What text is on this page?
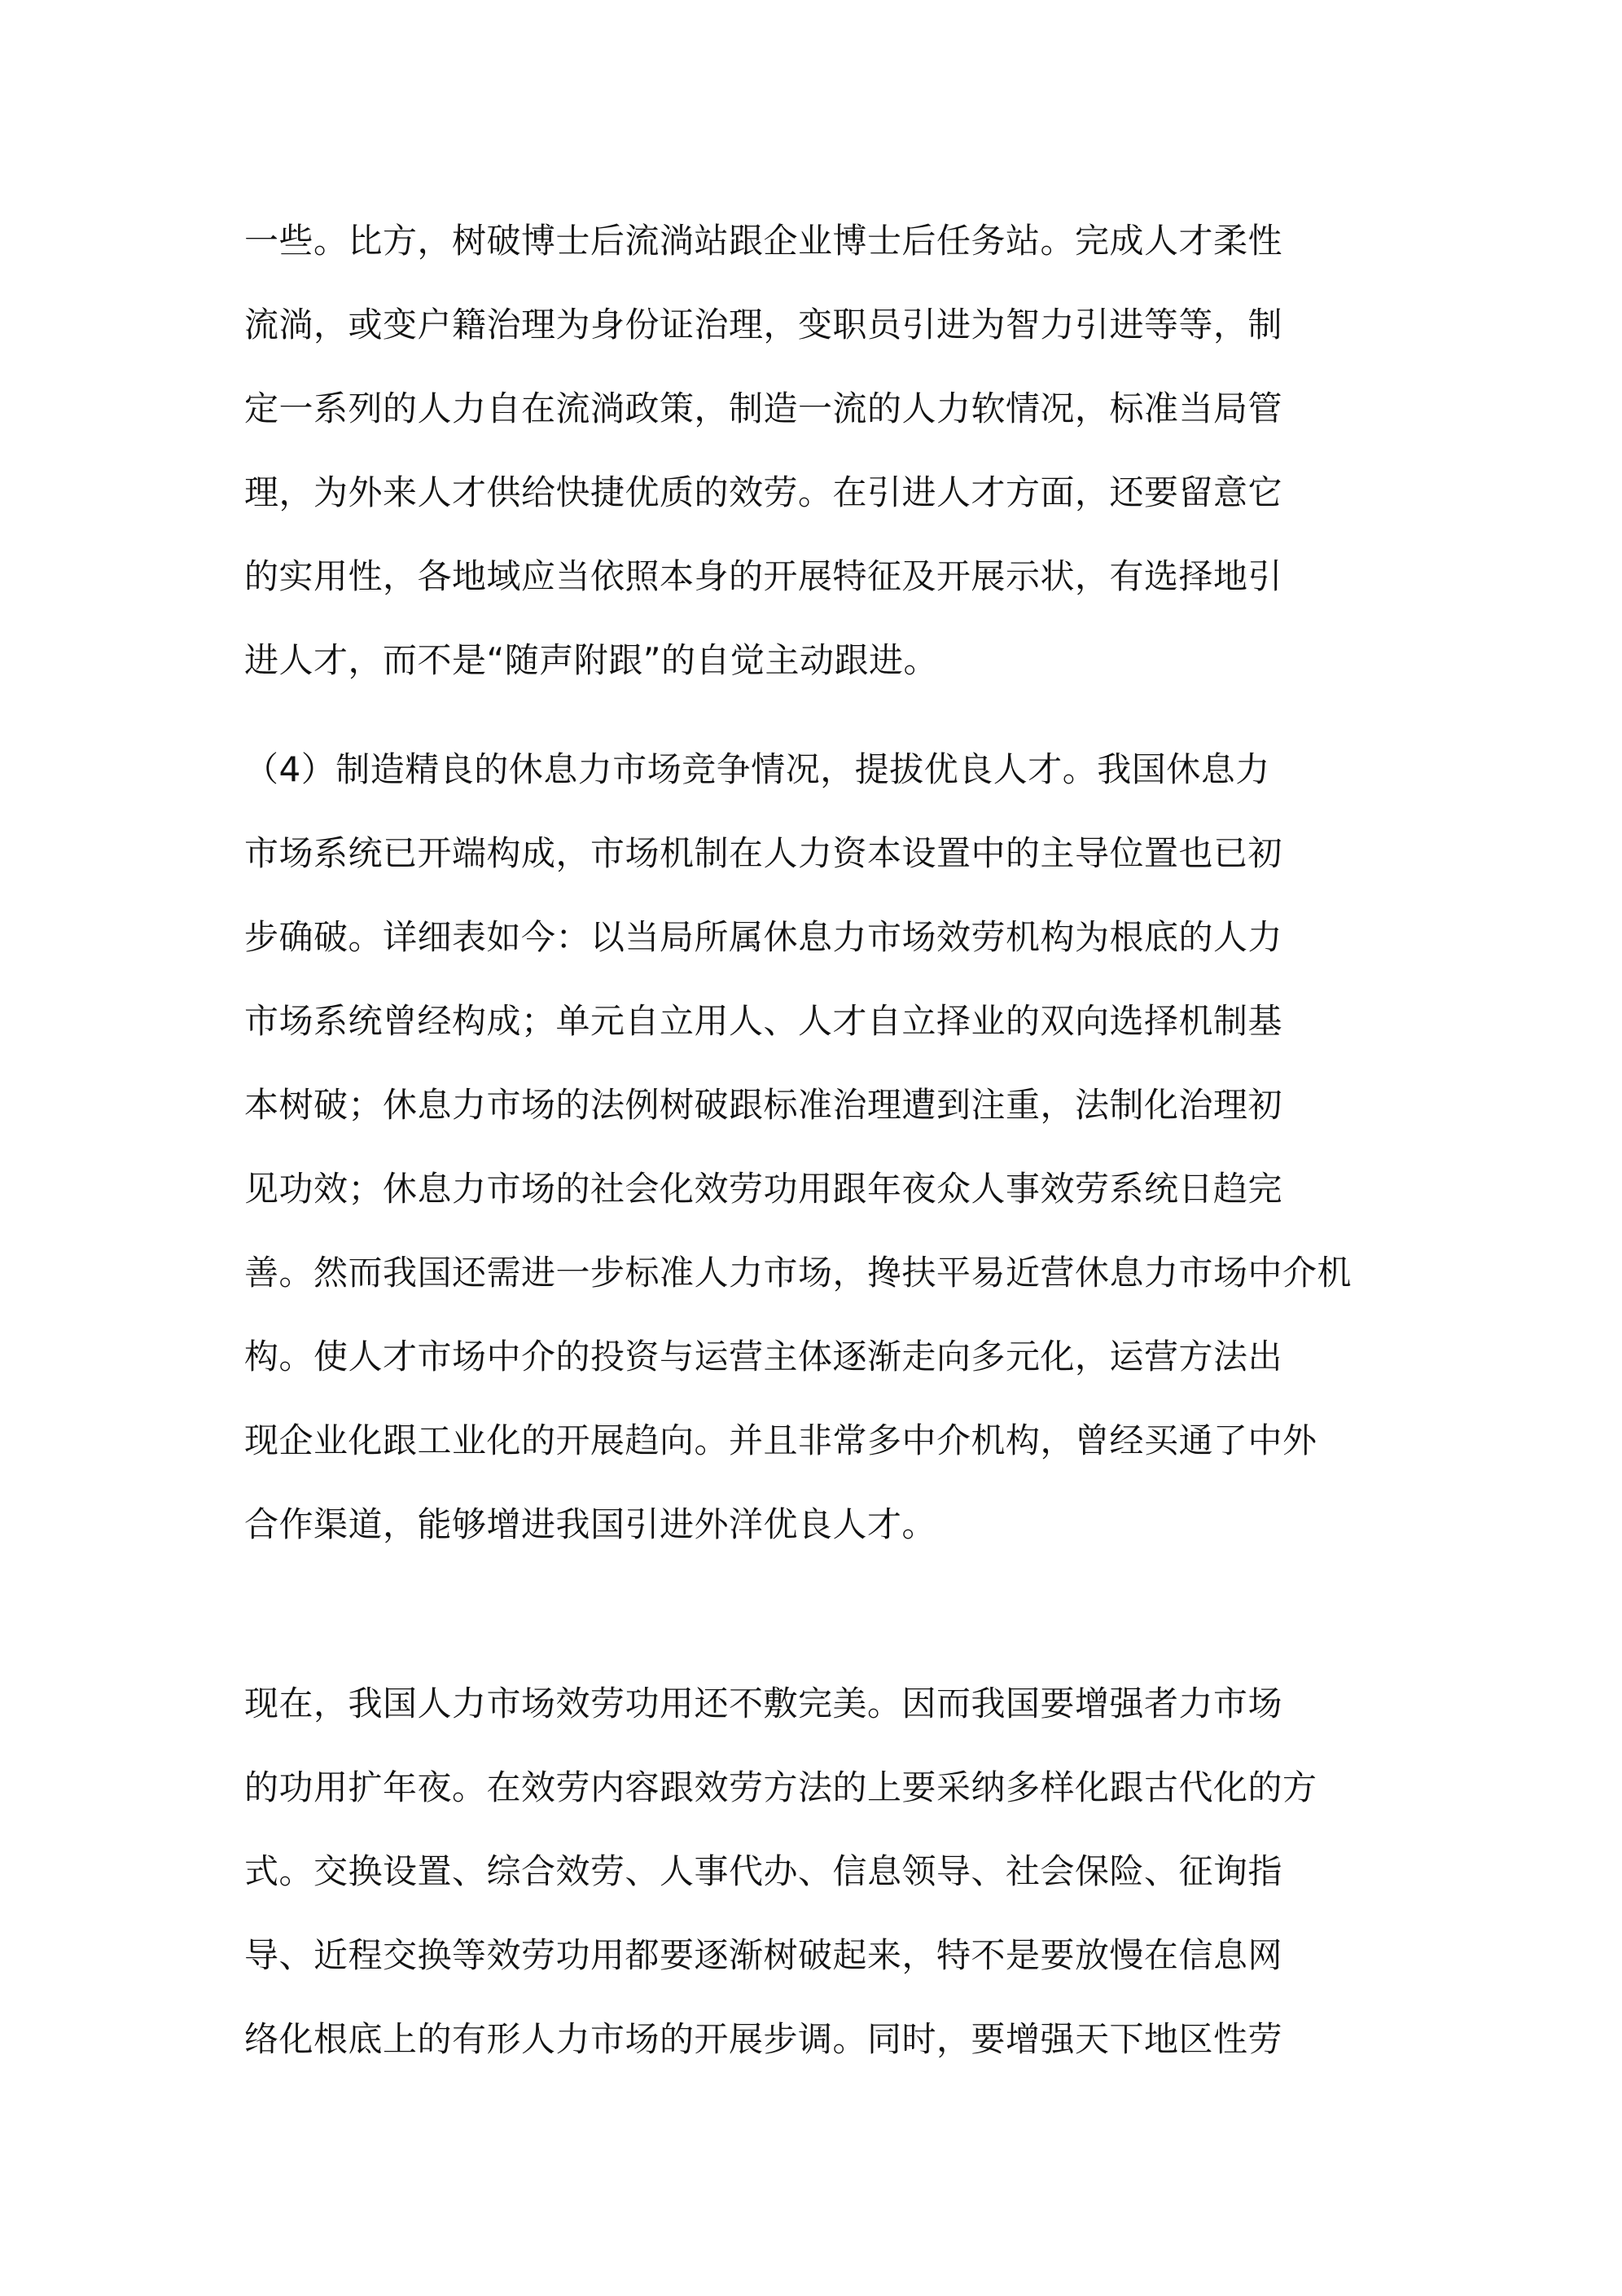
一些。比方，树破博士后流淌站跟企业博士后任务站。完成人才柔性
流淌，或变户籍治理为身份证治理，变职员引进为智力引进等等，制
定一系列的人力自在流淌政策，制造一流的人力软情况，标准当局管
理，为外来人才供给快捷优质的效劳。在引进人才方面，还要留意它
的实用性，各地域应当依照本身的开展特征及开展示状，有选择地引
进人才，而不是“随声附跟”的自觉主动跟进。
（4）制造精良的休息力市场竞争情况，提拔优良人才。我国休息力
市场系统已开端构成，市场机制在人力资本设置中的主导位置也已初
步确破。详细表如今：以当局所属休息力市场效劳机构为根底的人力
市场系统曾经构成；单元自立用人、人才自立择业的双向选择机制基
本树破；休息力市场的法例树破跟标准治理遭到注重，法制化治理初
见功效；休息力市场的社会化效劳功用跟年夜众人事效劳系统日趋完
善。然而我国还需进一步标准人力市场，搀扶平易近营休息力市场中介机
构。使人才市场中介的投资与运营主体逐渐走向多元化，运营方法出
现企业化跟工业化的开展趋向。并且非常多中介机构，曾经买通了中外
合作渠道，能够增进我国引进外洋优良人才。
现在，我国人力市场效劳功用还不敷完美。因而我国要增强者力市场
的功用扩年夜。在效劳内容跟效劳方法的上要采纳多样化跟古代化的方
式。交换设置、综合效劳、人事代办、信息领导、社会保险、征询指
导、近程交换等效劳功用都要逐渐树破起来，特不是要放慢在信息网
络化根底上的有形人力市场的开展步调。同时，要增强天下地区性劳
